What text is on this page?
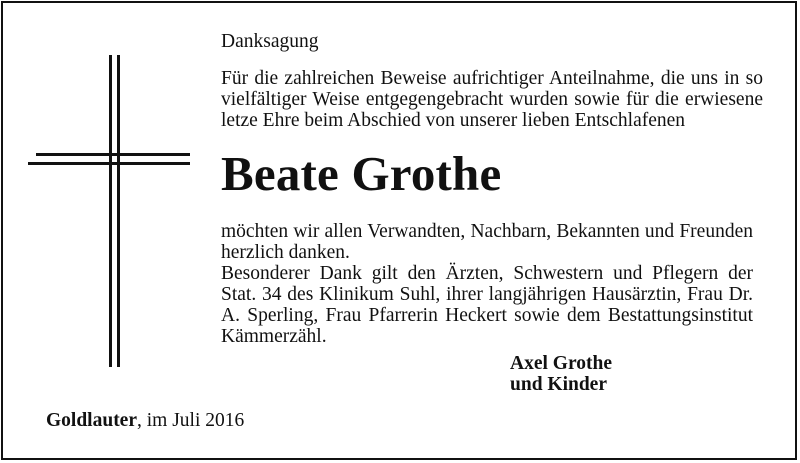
Danksagung
Für die zahlreichen Beweise aufrichtiger Anteilnahme, die uns in so vielfältiger Weise entgegengebracht wurden sowie für die erwiesene letze Ehre beim Abschied von unserer lieben Entschlafenen
Beate Grothe

möchten wir allen Verwandten, Nachbarn, Bekannten und Freunden herzlich danken.

Besonderer Dank gilt den Ärzten, Schwestern und Pflegern der Stat. 34 des Klinikum Suhl, ihrer langjährigen Hausärztin, Frau Dr. A. Sperling, Frau Pfarrerin Heckert sowie dem Bestattungsinstitut Kämmerzähl.

Axel Grothe
und Kinder
Goldlauter, im Juli 2016
